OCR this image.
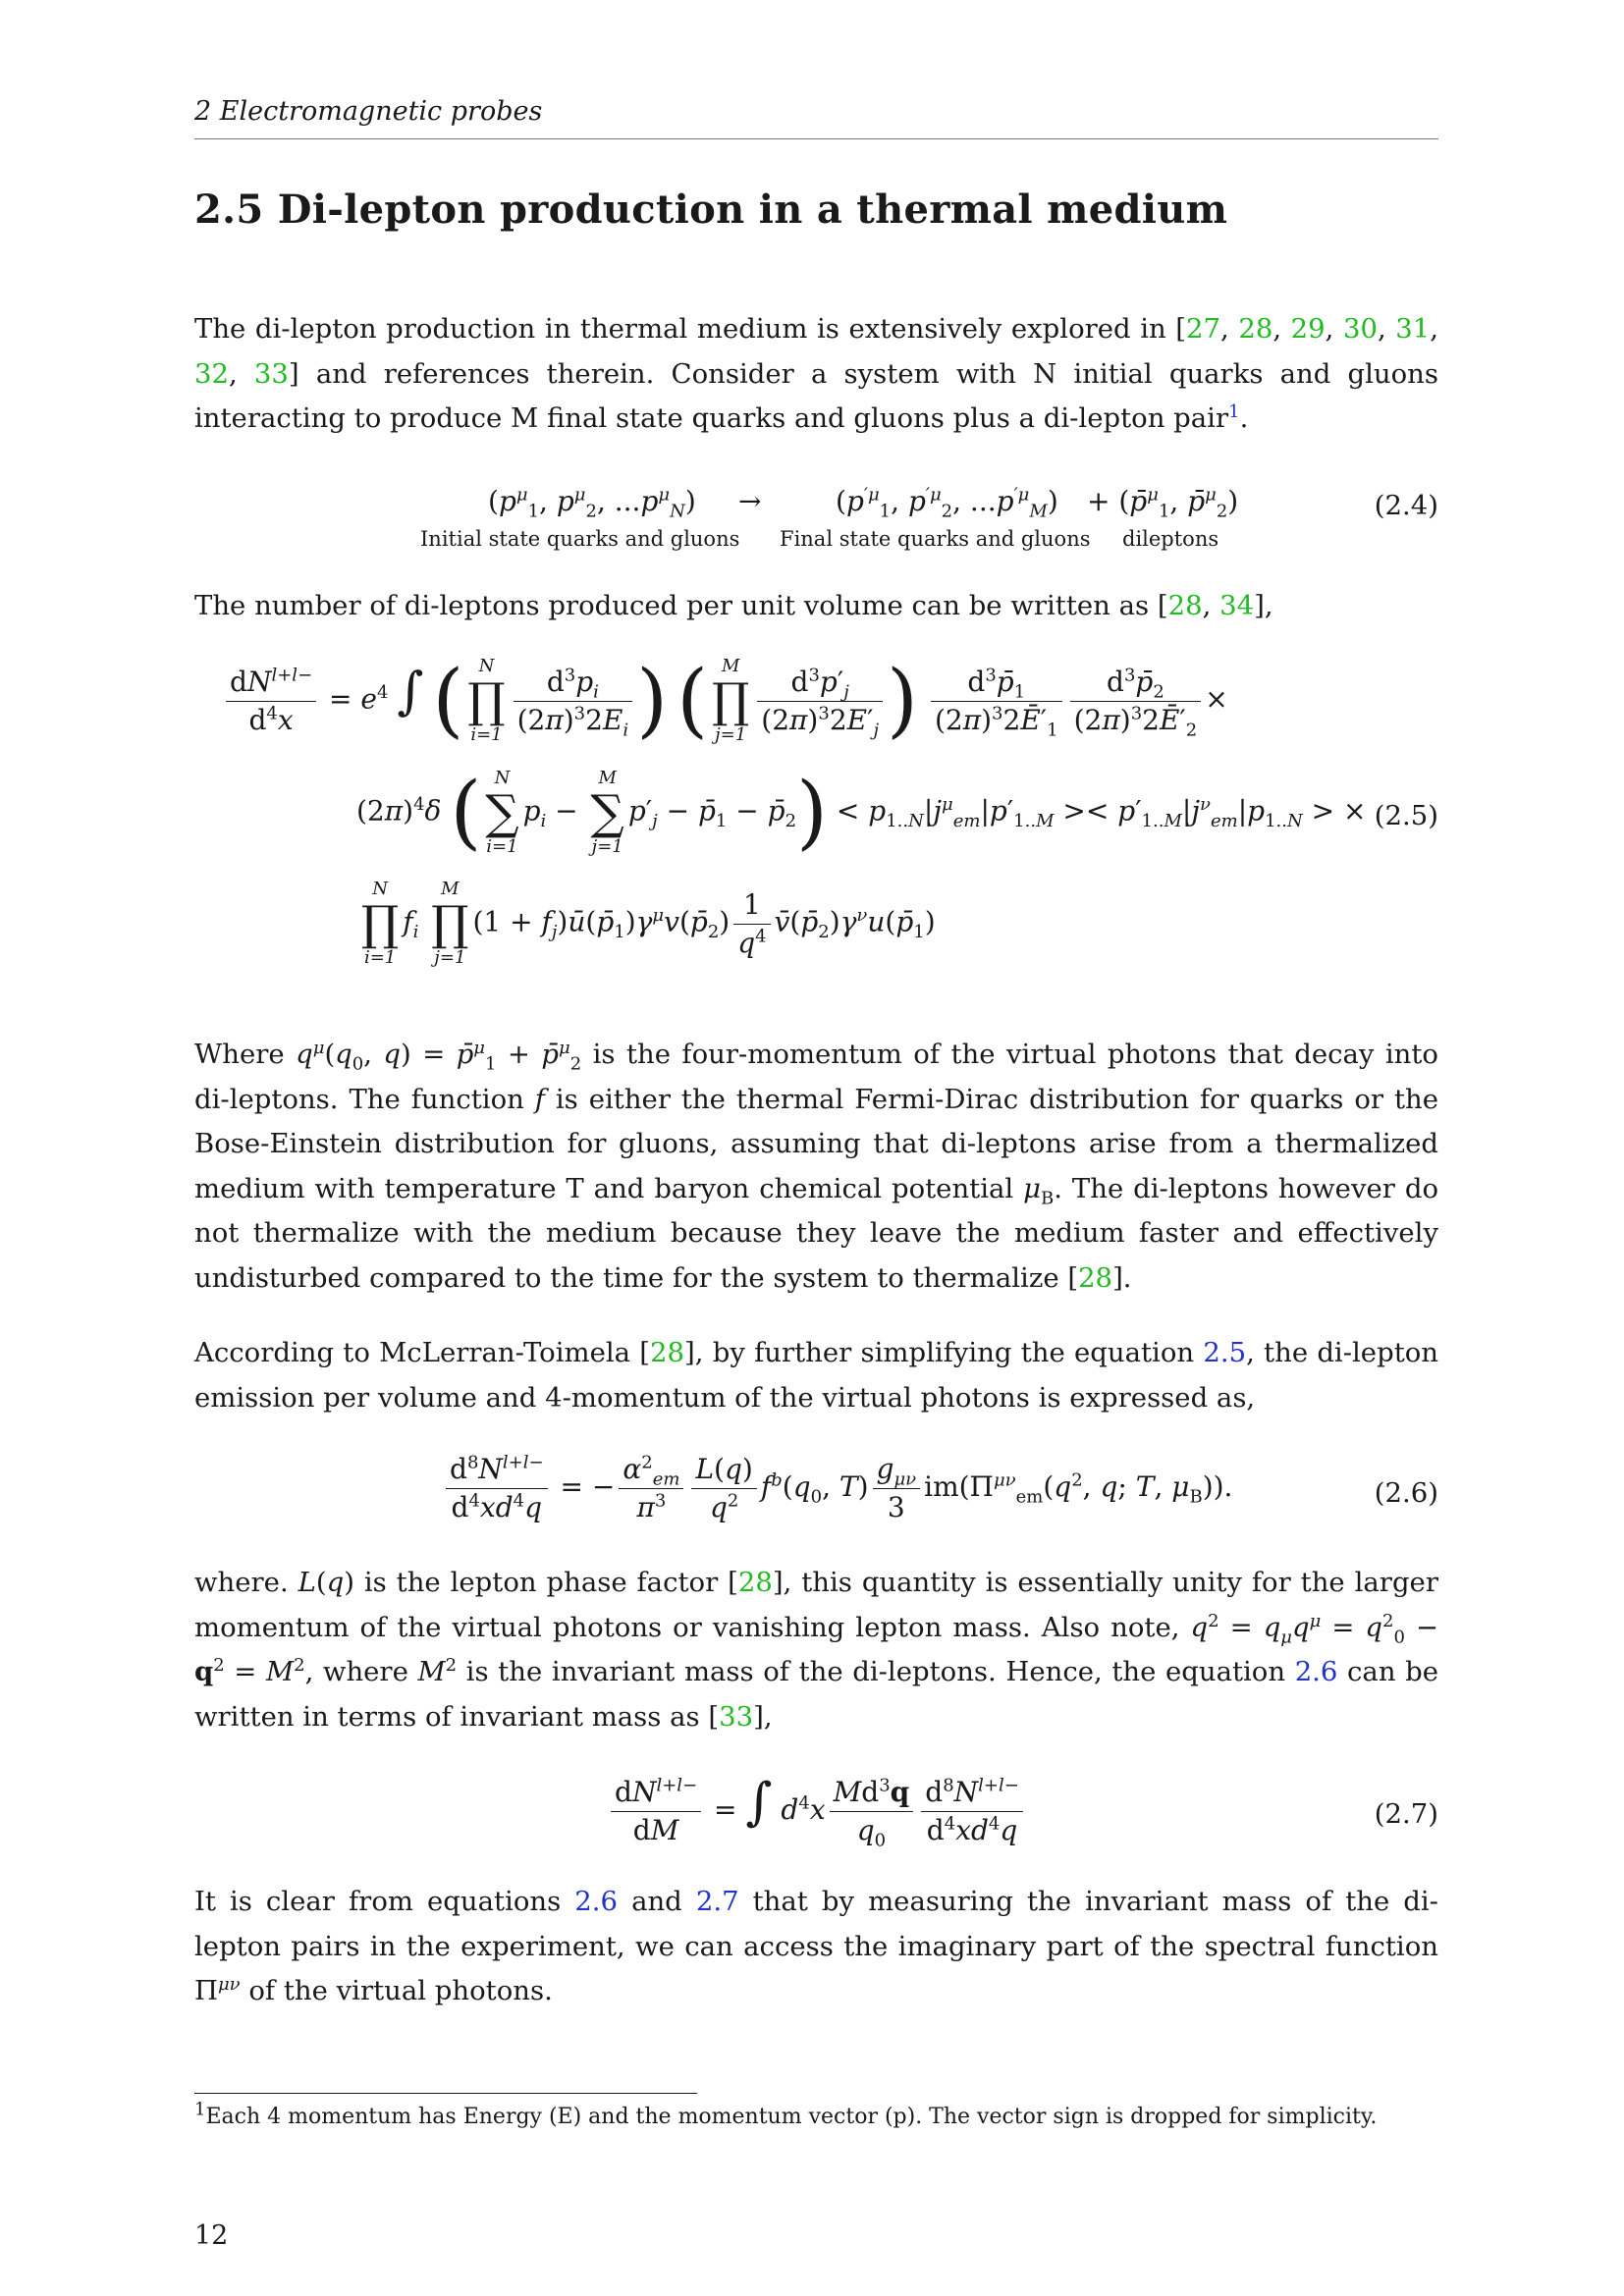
2 Electromagnetic probes
2.5 Di-lepton production in a thermal medium
The di-lepton production in thermal medium is extensively explored in [27, 28, 29, 30, 31, 32, 33] and references therein. Consider a system with N initial quarks and gluons interacting to produce M final state quarks and gluons plus a di-lepton pair$^1$.
($p^\mu_1$, $p^\mu_2$, $...p^\mu_N$)
Initial state quarks and gluons
→	($p^{'\mu}_1$, $p^{'\mu}_2$, $...p^{'\mu}_M$)
Final state quarks and gluons
+ (p̄$^\mu_1$, p̄$^\mu_2$)
dileptons
(2.4)
The number of di-leptons produced per unit volume can be written as [28, 34],
$\frac{dN^{l+l-}}{d^4x} = e^4$ ∫ ( N
∏
$i=1 \frac{d^3p_i}{(2\pi)^32E_i}$ ) ( M
∏
$j=1 \frac{d^3p'_j}{(2\pi)^32E'_j}$ ) $\frac{d^3p̄_1}{(2\pi)^32Ē'_1} \frac{d^3p̄_2}{(2\pi)^32Ē'_2}$ ×
$(2\pi)^4\delta$ ( N
∑
i=1
$p_i$ −
M
∑
j=1
$p'_j$ − $p̄_1$ − $p̄_2) < p_{1..N}|j^\mu_{em}|p'_{1..M} >< p'_{1..M}|j^\nu_{em}|p_{1..N}$ > × (2.5)
N
∏
i=1
$f_i$
M
∏
j=1
$(1 + f_j)ū(p̄_1)\gamma^\mu v(p̄_2) \frac{1}{q^4}$ $v̄(p̄_2)\gamma^\nu u(p̄_1)$
Where $q^\mu(q_0$, q) = p̄$^\mu_1$ + p̄$^\mu_2$ is the four-momentum of the virtual photons that decay into di-leptons. The function f is either the thermal Fermi-Dirac distribution for quarks or the Bose-Einstein distribution for gluons, assuming that di-leptons arise from a thermalized medium with temperature T and baryon chemical potential $\mu_B$. The di-leptons however do not thermalize with the medium because they leave the medium faster and effectively undisturbed compared to the time for the system to thermalize [28].
According to McLerran-Toimela [28], by further simplifying the equation 2.5, the di-lepton emission per volume and 4-momentum of the virtual photons is expressed as,
$\frac{d^8N^{l+l-}}{d^4xd^4q}$ = − $\frac{\alpha^2_{em}}{\pi^3} \frac{L(q)}{q^2} f^b(q_0$, $T) \frac{g_{\mu\nu}}{3} im(\Pi^{\mu\nu}_{em}(q^2$, q; T, $\mu_B$)).	(2.6)
where. L(q) is the lepton phase factor [28], this quantity is essentially unity for the larger momentum of the virtual photons or vanishing lepton mass. Also note, $q^2 = q_\mu q^\mu = q^2_0 - q^2 = M^2$, where $M^2$ is the invariant mass of the di-leptons. Hence, the equation 2.6 can be written in terms of invariant mass as [33],
$\frac{dN^{l+l-}}{dM}$ = ∫ $d^4x \frac{Md^3q}{q_0} \frac{d^8N^{l+l-}}{d^4xd^4q}$	(2.7)
It is clear from equations 2.6 and 2.7 that by measuring the invariant mass of the di-lepton pairs in the experiment, we can access the imaginary part of the spectral function $\Pi^{\mu\nu}$ of the virtual photons.
$^1$Each 4 momentum has Energy (E) and the momentum vector (p). The vector sign is dropped for simplicity.
12
